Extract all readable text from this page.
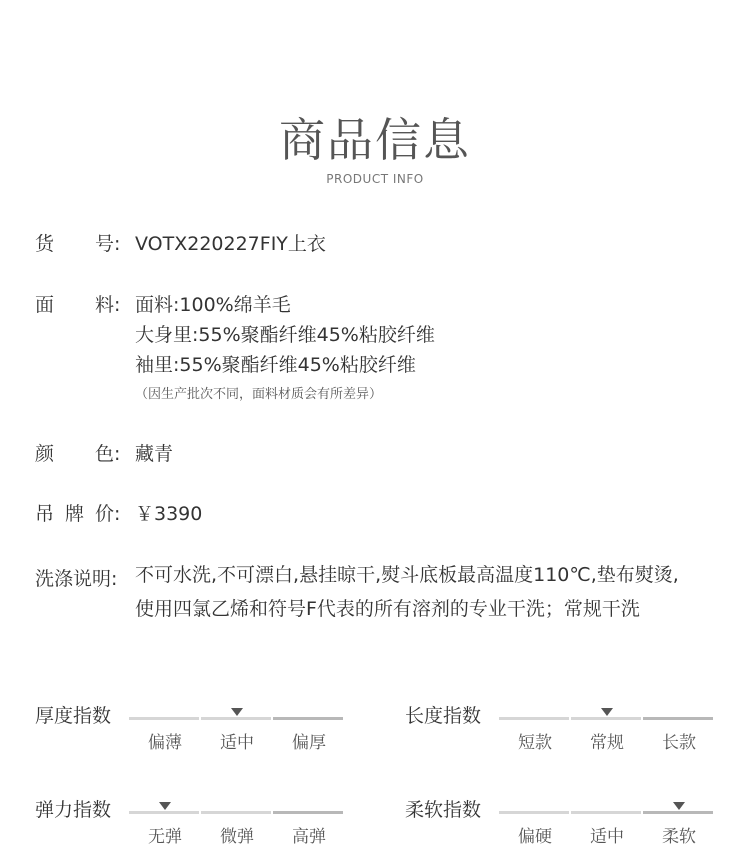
商品信息
PRODUCT INFO
货 号: VOTX220227FIY上衣
面 料: 面料:100%绵羊毛
大身里:55%聚酯纤维45%粘胶纤维
袖里:55%聚酯纤维45%粘胶纤维
（因生产批次不同，面料材质会有所差异）
颜 色: 藏青
吊 牌 价: ￥3390
洗涤说明: 不可水洗,不可漂白,悬挂晾干,熨斗底板最高温度110℃,垫布熨烫,
使用四氯乙烯和符号F代表的所有溶剂的专业干洗；常规干洗
厚度指数
偏薄	适中	偏厚
长度指数
短款	常规	长款
弹力指数
无弹	微弹	高弹
柔软指数
偏硬	适中	柔软
